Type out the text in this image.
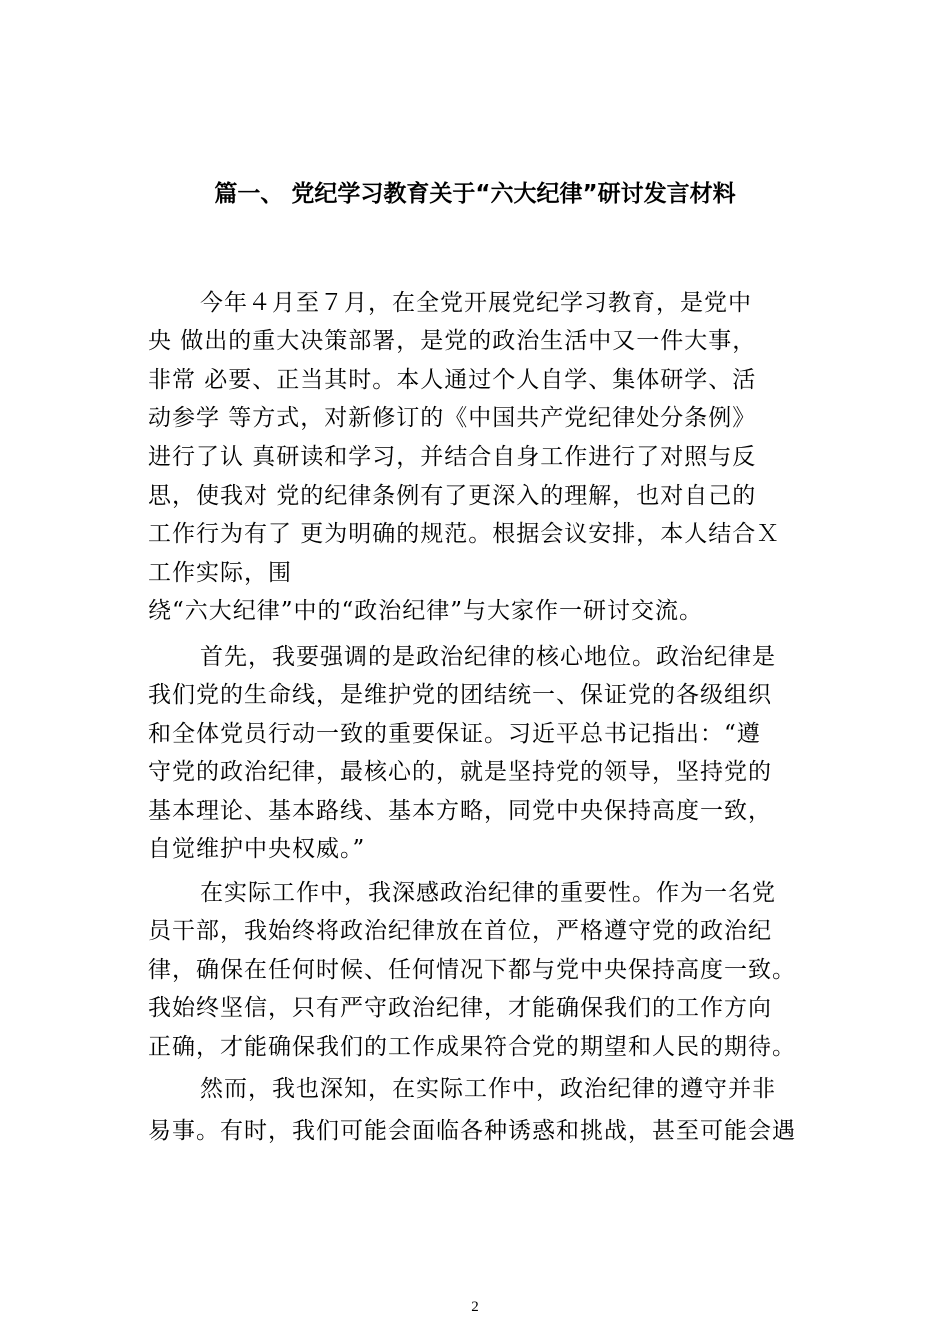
篇一、 党纪学习教育关于“六大纪律”研讨发言材料
今年４月至７月，在全党开展党纪学习教育，是党中
央 做出的重大决策部署，是党的政治生活中又一件大事，
非常 必要、正当其时。本人通过个人自学、集体研学、活
动参学 等方式，对新修订的《中国共产党纪律处分条例》
进行了认 真研读和学习，并结合自身工作进行了对照与反
思，使我对 党的纪律条例有了更深入的理解，也对自己的
工作行为有了 更为明确的规范。根据会议安排，本人结合Ｘ
工作实际，围
绕“六大纪律”中的“政治纪律”与大家作一研讨交流。
首先，我要强调的是政治纪律的核心地位。政治纪律是
我们党的生命线，是维护党的团结统一、保证党的各级组织
和全体党员行动一致的重要保证。习近平总书记指出：“遵
守党的政治纪律，最核心的，就是坚持党的领导，坚持党的
基本理论、基本路线、基本方略，同党中央保持高度一致，
自觉维护中央权威。”
在实际工作中，我深感政治纪律的重要性。作为一名党
员干部，我始终将政治纪律放在首位，严格遵守党的政治纪
律，确保在任何时候、任何情况下都与党中央保持高度一致。
我始终坚信，只有严守政治纪律，才能确保我们的工作方向
正确，才能确保我们的工作成果符合党的期望和人民的期待。
然而，我也深知，在实际工作中，政治纪律的遵守并非
易事。有时，我们可能会面临各种诱惑和挑战，甚至可能会遇
2
